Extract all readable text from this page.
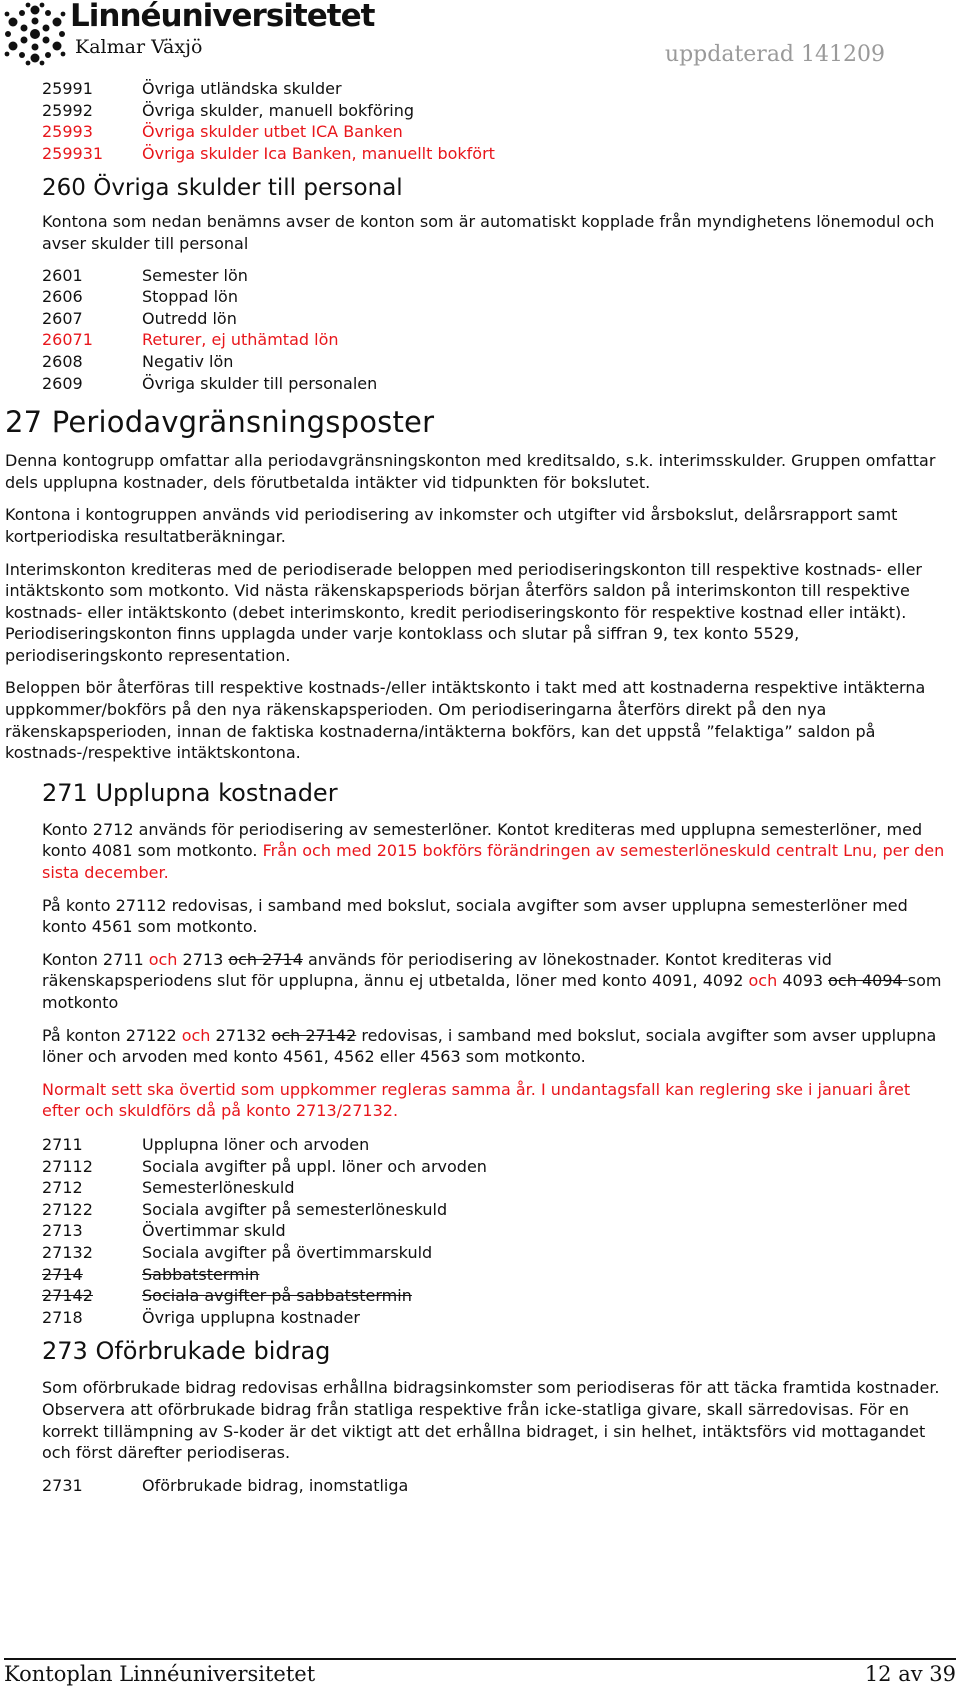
Linnéuniversitetet
Kalmar Växjö	uppdaterad 141209
25991	Övriga utländska skulder
25992	Övriga skulder, manuell bokföring
25993	Övriga skulder utbet ICA Banken
259931	Övriga skulder Ica Banken, manuellt bokfört
260 Övriga skulder till personal

Kontona som nedan benämns avser de konton som är automatiskt kopplade från myndighetens lönemodul och avser skulder till personal

2601	Semester lön
2606	Stoppad lön
2607	Outredd lön
26071	Returer, ej uthämtad lön
2608	Negativ lön
2609	Övriga skulder till personalen
27 Periodavgränsningsposter

Denna kontogrupp omfattar alla periodavgränsningskonton med kreditsaldo, s.k. interimsskulder. Gruppen omfattar dels upplupna kostnader, dels förutbetalda intäkter vid tidpunkten för bokslutet.

Kontona i kontogruppen används vid periodisering av inkomster och utgifter vid årsbokslut, delårsrapport samt kortperiodiska resultatberäkningar.

Interimskonton krediteras med de periodiserade beloppen med periodiseringskonton till respektive kostnads- eller intäktskonto som motkonto. Vid nästa räkenskapsperiods början återförs saldon på interimskonton till respektive kostnads- eller intäktskonto (debet interimskonto, kredit periodiseringskonto för respektive kostnad eller intäkt). Periodiseringskonton finns upplagda under varje kontoklass och slutar på siffran 9, tex konto 5529, periodiseringskonto representation.

Beloppen bör återföras till respektive kostnads-/eller intäktskonto i takt med att kostnaderna respektive intäkterna uppkommer/bokförs på den nya räkenskapsperioden. Om periodiseringarna återförs direkt på den nya räkenskapsperioden, innan de faktiska kostnaderna/intäkterna bokförs, kan det uppstå ”felaktiga” saldon på kostnads-/respektive intäktskontona.

271 Upplupna kostnader

Konto 2712 används för periodisering av semesterlöner. Kontot krediteras med upplupna semesterlöner, med konto 4081 som motkonto. Från och med 2015 bokförs förändringen av semesterlöneskuld centralt Lnu, per den sista december.

På konto 27112 redovisas, i samband med bokslut, sociala avgifter som avser upplupna semesterlöner med konto 4561 som motkonto.

Konton 2711 och 2713 och 2714 används för periodisering av lönekostnader. Kontot krediteras vid räkenskapsperiodens slut för upplupna, ännu ej utbetalda, löner med konto 4091, 4092 och 4093 och 4094 som motkonto

På konton 27122 och 27132 och 27142 redovisas, i samband med bokslut, sociala avgifter som avser upplupna löner och arvoden med konto 4561, 4562 eller 4563 som motkonto.

Normalt sett ska övertid som uppkommer regleras samma år. I undantagsfall kan reglering ske i januari året efter och skuldförs då på konto 2713/27132.

2711	Upplupna löner och arvoden
27112	Sociala avgifter på uppl. löner och arvoden
2712	Semesterlöneskuld
27122	Sociala avgifter på semesterlöneskuld
2713	Övertimmar skuld
27132	Sociala avgifter på övertimmarskuld
2714	Sabbatstermin
27142	Sociala avgifter på sabbatstermin
2718	Övriga upplupna kostnader
273 Oförbrukade bidrag

Som oförbrukade bidrag redovisas erhållna bidragsinkomster som periodiseras för att täcka framtida kostnader. Observera att oförbrukade bidrag från statliga respektive från icke-statliga givare, skall särredovisas. För en korrekt tillämpning av S-koder är det viktigt att det erhållna bidraget, i sin helhet, intäktsförs vid mottagandet och först därefter periodiseras.

2731	Oförbrukade bidrag, inomstatliga
Kontoplan Linnéuniversitetet	12 av 39
